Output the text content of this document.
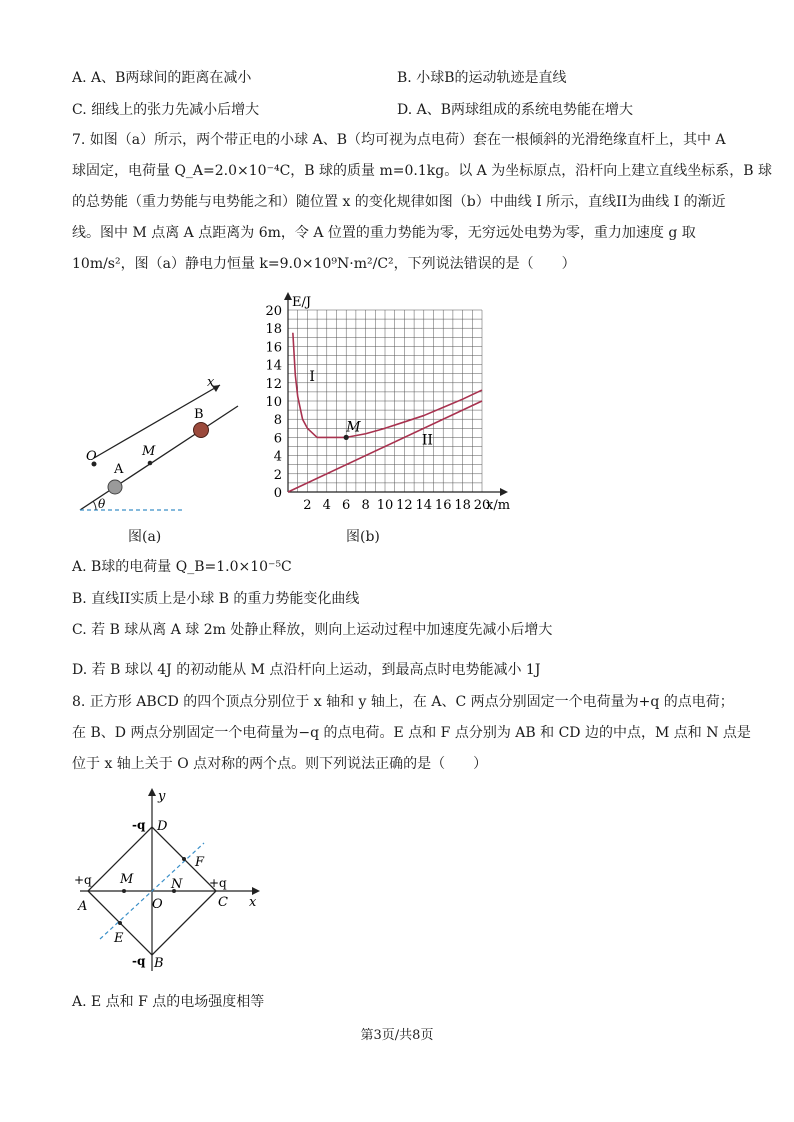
A. A、B两球间的距离在减小	B. 小球B的运动轨迹是直线
C. 细线上的张力先减小后增大	D. A、B两球组成的系统电势能在增大
7. 如图（a）所示，两个带正电的小球 A、B（均可视为点电荷）套在一根倾斜的光滑绝缘直杆上，其中 A
球固定，电荷量 Q_A=2.0×10⁻⁴C，B 球的质量 m=0.1kg。以 A 为坐标原点，沿杆向上建立直线坐标系，B 球
的总势能（重力势能与电势能之和）随位置 x 的变化规律如图（b）中曲线 I 所示，直线II为曲线 I 的渐近
线。图中 M 点离 A 点距离为 6m，令 A 位置的重力势能为零，无穷远处电势为零，重力加速度 g 取
10m/s²，图（a）静电力恒量 k=9.0×10⁹N·m²/C²，下列说法错误的是（　　）
x
O
A
M
B
θ
图(a)
x/m
E/J
2 4 6 8 10 12 14 16 18 20
0
2
4
6
8
10
12
14
16
18
20
I
II
M
图(b)
A. B球的电荷量 Q_B=1.0×10⁻⁵C
B. 直线II实质上是小球 B 的重力势能变化曲线
C. 若 B 球从离 A 球 2m 处静止释放，则向上运动过程中加速度先减小后增大
D. 若 B 球以 4J 的初动能从 M 点沿杆向上运动，到最高点时电势能减小 1J
8. 正方形 ABCD 的四个顶点分别位于 x 轴和 y 轴上，在 A、C 两点分别固定一个电荷量为+q 的点电荷；
在 B、D 两点分别固定一个电荷量为−q 的点电荷。E 点和 F 点分别为 AB 和 CD 边的中点，M 点和 N 点是
位于 x 轴上关于 O 点对称的两个点。则下列说法正确的是（　　）
x
y
-q D
F
+q M	N +q
A	O	C
E
-q B
A. E 点和 F 点的电场强度相等
第3页/共8页
